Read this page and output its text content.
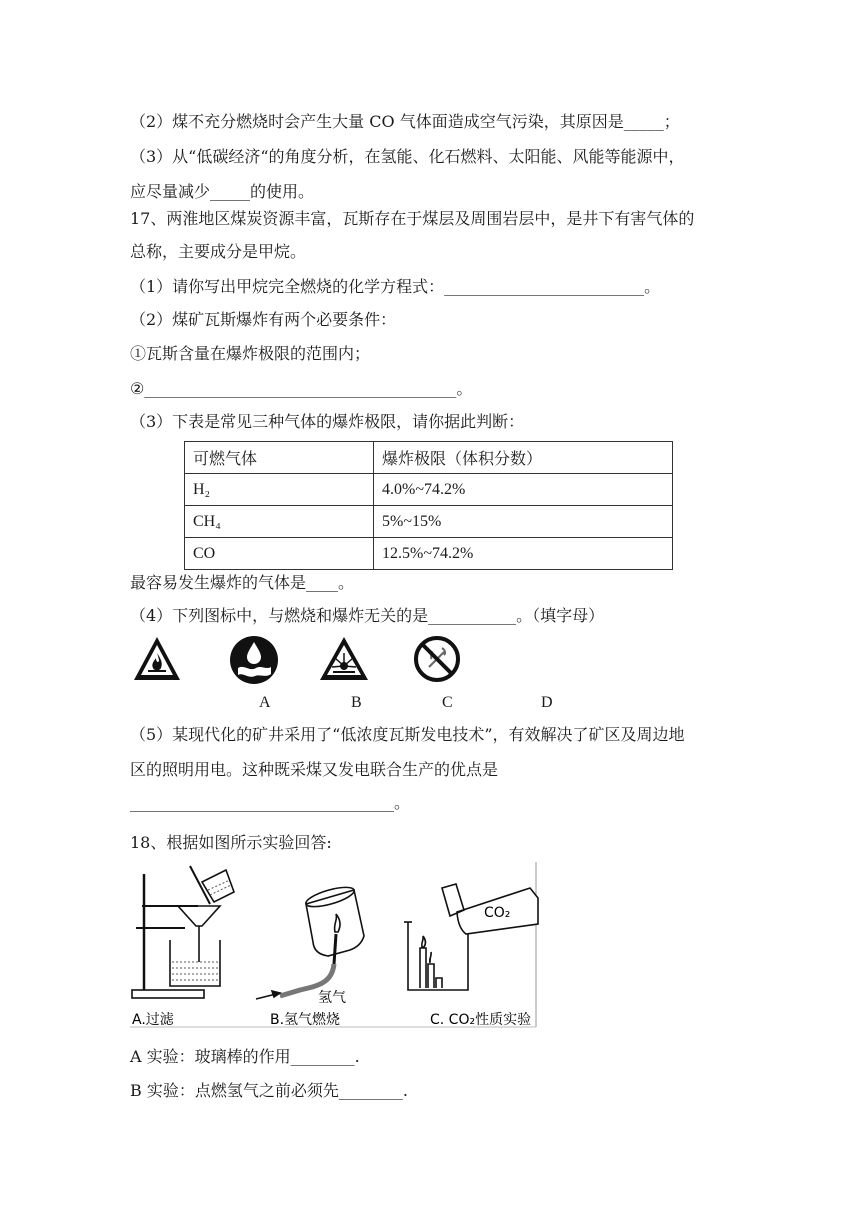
（2）煤不充分燃烧时会产生大量 CO 气体面造成空气污染，其原因是_____；
（3）从“低碳经济“的角度分析，在氢能、化石燃料、太阳能、风能等能源中，
应尽量减少_____的使用。
17、两淮地区煤炭资源丰富，瓦斯存在于煤层及周围岩层中，是井下有害气体的
总称，主要成分是甲烷。
（1）请你写出甲烷完全燃烧的化学方程式：_________________________。
（2）煤矿瓦斯爆炸有两个必要条件：
①瓦斯含量在爆炸极限的范围内；
②_______________________________________。
（3）下表是常见三种气体的爆炸极限，请你据此判断：
可燃气体	爆炸极限（体积分数）
H₂	4.0%~74.2%
CH₄	5%~15%
CO	12.5%~74.2%
最容易发生爆炸的气体是____。
（4）下列图标中，与燃烧和爆炸无关的是___________。（填字母）
A	B	C	D
（5）某现代化的矿井采用了“低浓度瓦斯发电技术”，有效解决了矿区及周边地
区的照明用电。这种既采煤又发电联合生产的优点是
_________________________________。
18、根据如图所示实验回答:
氢气
CO₂
A.过滤	B.氢气燃烧	C. CO₂性质实验
A 实验：玻璃棒的作用________.
B 实验：点燃氢气之前必须先________.
